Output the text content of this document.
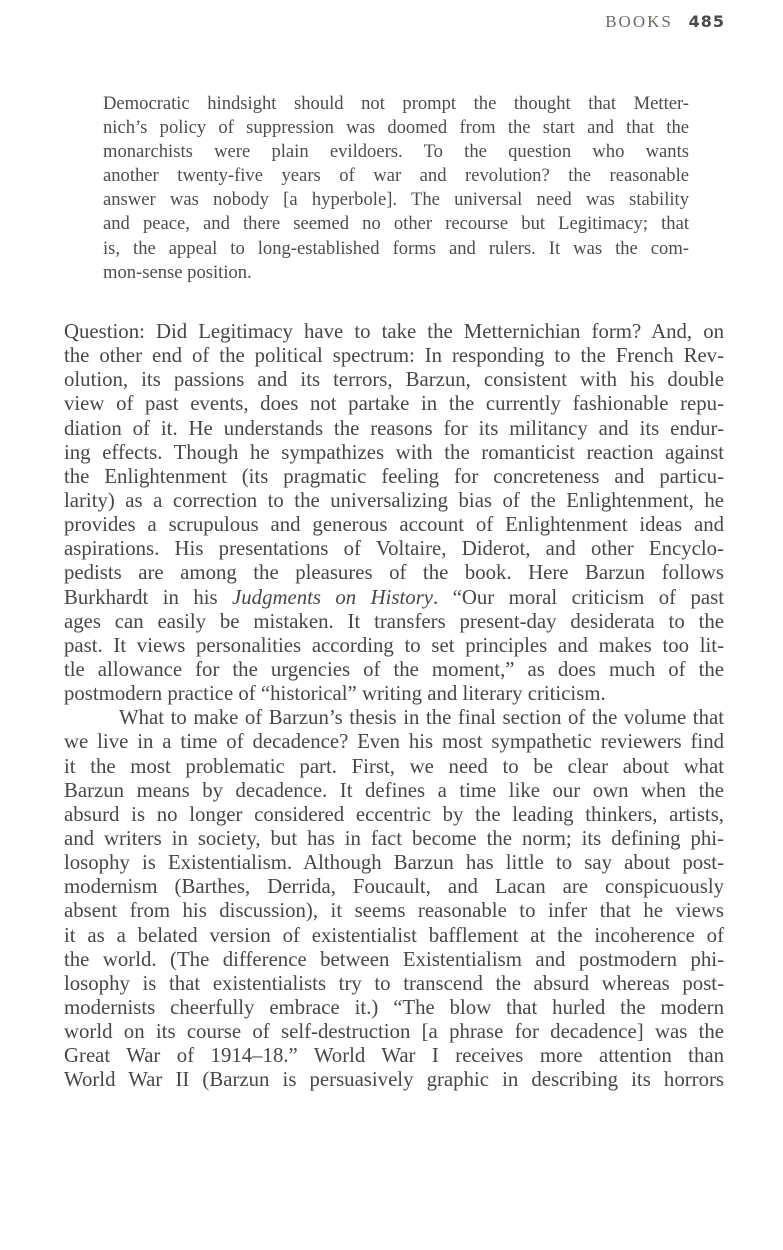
BOOKS 485
Democratic hindsight should not prompt the thought that Metter-
nich’s policy of suppression was doomed from the start and that the
monarchists were plain evildoers. To the question who wants
another twenty-five years of war and revolution? the reasonable
answer was nobody [a hyperbole]. The universal need was stability
and peace, and there seemed no other recourse but Legitimacy; that
is, the appeal to long-established forms and rulers. It was the com-
mon-sense position.
Question: Did Legitimacy have to take the Metternichian form? And, on
the other end of the political spectrum: In responding to the French Rev-
olution, its passions and its terrors, Barzun, consistent with his double
view of past events, does not partake in the currently fashionable repu-
diation of it. He understands the reasons for its militancy and its endur-
ing effects. Though he sympathizes with the romanticist reaction against
the Enlightenment (its pragmatic feeling for concreteness and particu-
larity) as a correction to the universalizing bias of the Enlightenment, he
provides a scrupulous and generous account of Enlightenment ideas and
aspirations. His presentations of Voltaire, Diderot, and other Encyclo-
pedists are among the pleasures of the book. Here Barzun follows
Burkhardt in his Judgments on History. “Our moral criticism of past
ages can easily be mistaken. It transfers present-day desiderata to the
past. It views personalities according to set principles and makes too lit-
tle allowance for the urgencies of the moment,” as does much of the
postmodern practice of “historical” writing and literary criticism.
What to make of Barzun’s thesis in the final section of the volume that
we live in a time of decadence? Even his most sympathetic reviewers find
it the most problematic part. First, we need to be clear about what
Barzun means by decadence. It defines a time like our own when the
absurd is no longer considered eccentric by the leading thinkers, artists,
and writers in society, but has in fact become the norm; its defining phi-
losophy is Existentialism. Although Barzun has little to say about post-
modernism (Barthes, Derrida, Foucault, and Lacan are conspicuously
absent from his discussion), it seems reasonable to infer that he views
it as a belated version of existentialist bafflement at the incoherence of
the world. (The difference between Existentialism and postmodern phi-
losophy is that existentialists try to transcend the absurd whereas post-
modernists cheerfully embrace it.) “The blow that hurled the modern
world on its course of self-destruction [a phrase for decadence] was the
Great War of 1914–18.” World War I receives more attention than
World War II (Barzun is persuasively graphic in describing its horrors
